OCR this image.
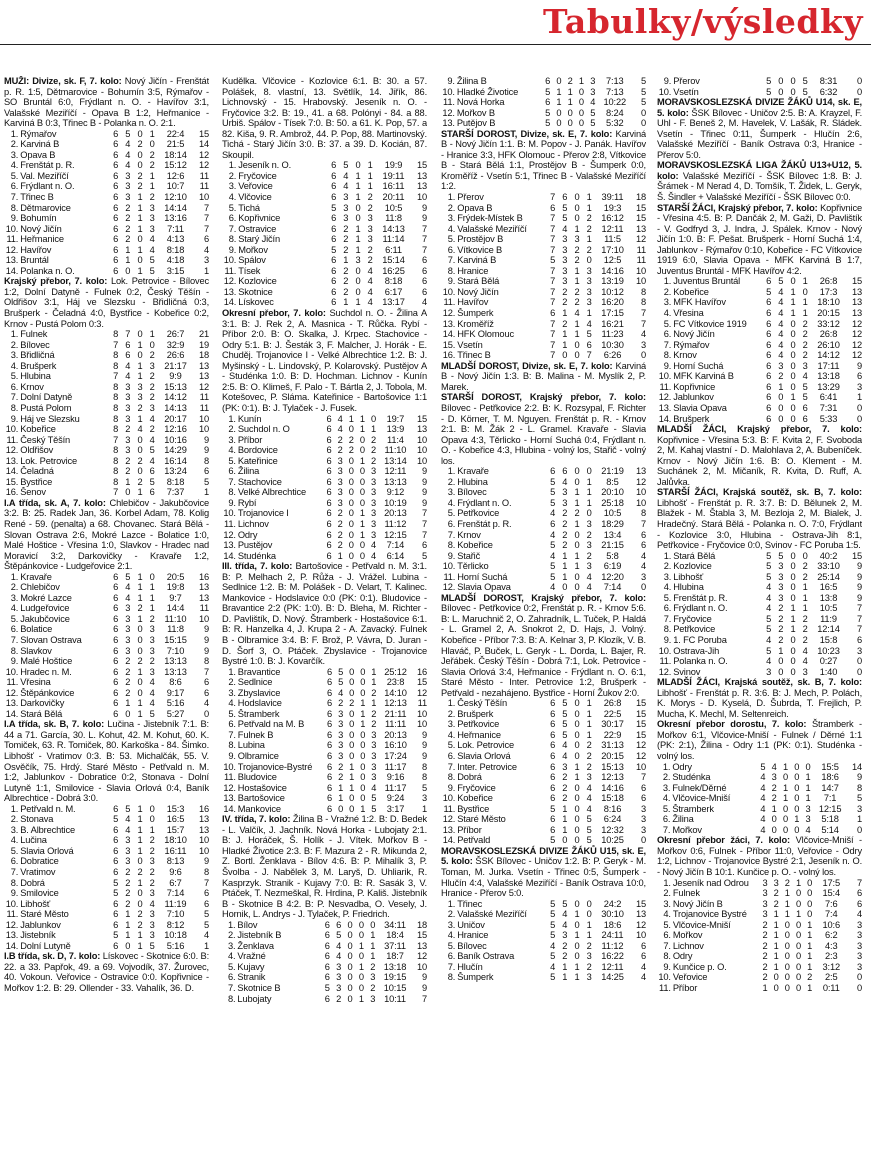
Tabulky/výsledky

MUŽI: Divize, sk. F, 7. kolo: Nový Jičín - Frenštát p. R. 1:5, Dětmarovice - Bohumín 3:5, Rýmařov - SO Bruntál 6:0, Frýdlant n. O. - Havířov 3:1, Valašské Meziříčí - Opava B 1:2, Heřmanice - Karviná B 0:3, Třinec B - Polanka n. O. 2:1.

1.	Rýmařov	6	5	0	1	22:4	15
2.	Karviná B	6	4	2	0	21:5	14
3.	Opava B	6	4	0	2	18:14	12
4.	Frenštát p. R.	6	4	0	2	15:12	12
5.	Val. Meziříčí	6	3	2	1	12:6	11
6.	Frýdlant n. O.	6	3	2	1	10:7	11
7.	Třinec B	6	3	1	2	12:10	10
8.	Dětmarovice	6	2	1	3	14:14	7
9.	Bohumín	6	2	1	3	13:16	7
10.	Nový Jičín	6	2	1	3	7:11	7
11.	Heřmanice	6	2	0	4	4:13	6
12.	Havířov	6	1	1	4	8:18	4
13.	Bruntál	6	1	0	5	4:18	3
14.	Polanka n. O.	6	0	1	5	3:15	1

Krajský přebor, 7. kolo: Lok. Petrovice - Bílovec 1:2, Dolní Datyně - Fulnek 0:2, Český Těšín - Oldřišov 3:1, Háj ve Slezsku - Břidličná 0:3, Brušperk - Čeladná 4:0, Bystřice - Kobeřice 0:2, Krnov - Pustá Polom 0:3.

1.	Fulnek	8	7	0	1	26:7	21
2.	Bílovec	7	6	1	0	32:9	19
3.	Břidličná	8	6	0	2	26:6	18
4.	Brušperk	8	4	1	3	21:17	13
5.	Hlubina	7	4	1	2	9:9	13
6.	Krnov	8	3	3	2	15:13	12
7.	Dolní Datyně	8	3	3	2	14:12	11
8.	Pustá Polom	8	3	2	3	14:13	11
9.	Háj ve Slezsku	8	3	1	4	20:17	10
10.	Kobeřice	8	2	4	2	12:16	10
11.	Český Těšín	7	3	0	4	10:16	9
12.	Oldřišov	8	3	0	5	14:29	9
13.	Lok. Petrovice	8	2	2	4	16:14	8
14.	Čeladná	8	2	0	6	13:24	6
15.	Bystřice	8	1	2	5	8:18	5
16.	Šenov	7	0	1	6	7:37	1

I.A třída, sk. A, 7. kolo: Chlebičov - Jakubčovice 3:2. B: 25. Radek Jan, 36. Korbel Adam, 78. Kolig René - 59. (penalta) a 68. Chovanec. Stará Bělá - Slovan Ostrava 2:6, Mokré Lazce - Bolatice 1:0, Malé Hoštice - Vřesina 1:0, Slavkov - Hradec nad Moravicí 3:2, Darkovičky - Kravaře 1:2, Štěpánkovice - Ludgeřovice 2:1.

1.	Kravaře	6	5	1	0	20:5	16
2.	Chlebičov	6	4	1	1	19:8	13
3.	Mokré Lazce	6	4	1	1	9:7	13
4.	Ludgeřovice	6	3	2	1	14:4	11
5.	Jakubčovice	6	3	1	2	11:10	10
6.	Bolatice	6	3	0	3	11:8	9
7.	Slovan Ostrava	6	3	0	3	15:15	9
8.	Slavkov	6	3	0	3	7:10	9
9.	Malé Hoštice	6	2	2	2	13:13	8
10.	Hradec n. M.	6	2	1	3	13:13	7
11.	Vřesina	6	2	0	4	8:6	6
12.	Štěpánkovice	6	2	0	4	9:17	6
13.	Darkovičky	6	1	1	4	5:16	4
14.	Stará Bělá	6	0	1	5	5:27	0

I.A třída, sk. B, 7. kolo: Lučina - Jistebník 7:1. B: 44 a 71. García, 30. L. Kohut, 42. M. Kohut, 60. K. Tomiček, 63. R. Tomiček, 80. Karkoška - 84. Šimko. Libhošť - Vratimov 0:3. B: 53. Michalčák, 55. V. Osvěčík, 75. Hrdý. Staré Město - Petřvald n. M. 1:2, Jablunkov - Dobratice 0:2, Stonava - Dolní Lutyně 1:1, Smilovice - Slavia Orlová 0:4, Baník Albrechtice - Dobrá 3:0.

1.	Petřvald n. M.	6	5	1	0	15:3	16
2.	Stonava	5	4	1	0	16:5	13
3.	B. Albrechtice	6	4	1	1	15:7	13
4.	Lučina	6	3	1	2	18:10	10
5.	Slavia Orlová	6	3	1	2	16:11	10
6.	Dobratice	6	3	0	3	8:13	9
7.	Vratimov	6	2	2	2	9:6	8
8.	Dobrá	5	2	1	2	6:7	7
9.	Smilovice	5	2	0	3	7:14	6
10.	Libhošť	6	2	0	4	11:19	6
11.	Staré Město	6	1	2	3	7:10	5
12.	Jablunkov	6	1	2	3	8:12	5
13.	Jistebník	5	1	1	3	10:18	4
14.	Dolní Lutyně	6	0	1	5	5:16	1

I.B třída, sk. D, 7. kolo: Lískovec - Skotnice 6:0. B: 22. a 33. Papřok, 49. a 69. Vojvodík, 37. Žurovec, 40. Vokoun. Veřovice - Ostravice 0:0. Kopřivnice - Mořkov 1:2. B: 29. Ollender - 33. Vahalík, 36. D.

Kudělka. Vlčovice - Kozlovice 6:1. B: 30. a 57. Polášek, 8. vlastní, 13. Světlík, 14. Jiřík, 86. Lichnovský - 15. Hrabovský. Jeseník n. O. - Fryčovice 3:2. B: 19., 41. a 68. Polónyi - 84. a 88. Urbiš. Spálov - Tísek 7:0. B: 50. a 61. K. Pop, 57. a 82. Kiša, 9. R. Ambrož, 44. P. Pop, 88. Martinovský. Tichá - Starý Jičín 3:0. B: 37. a 39. D. Kocián, 87. Skoupil.

1.	Jeseník n. O.	6	5	0	1	19:9	15
2.	Fryčovice	6	4	1	1	19:11	13
3.	Veřovice	6	4	1	1	16:11	13
4.	Vlčovice	6	3	1	2	20:11	10
5.	Tichá	5	3	0	2	10:5	9
6.	Kopřivnice	6	3	0	3	11:8	9
7.	Ostravice	6	2	1	3	14:13	7
8.	Starý Jičín	6	2	1	3	11:14	7
9.	Mořkov	5	2	1	2	6:11	7
10.	Spálov	6	1	3	2	15:14	6
11.	Tísek	6	2	0	4	16:25	6
12.	Kozlovice	6	2	0	4	8:18	6
13.	Skotnice	6	2	0	4	6:17	6
14.	Lískovec	6	1	1	4	13:17	4

Okresní přebor, 7. kolo: Suchdol n. O. - Žilina A 3:1. B: J. Rek 2, A. Masnica - T. Růčka. Rybí - Příbor 2:0. B: O. Skalka, J. Krpec. Stachovice - Odry 5:1. B: J. Šesták 3, F. Malcher, J. Horák - E. Chuděj. Trojanovice I - Velké Albrechtice 1:2. B: J. Myšinský - L. Lindovský, P. Kolarovský. Pustějov A - Studénka 1:0. B: D. Hochman. Lichnov - Kunín 2:5. B: O. Klimeš, F. Palo - T. Bártla 2, J. Tobola, M. Kotešovec, P. Sláma. Kateřinice - Bartošovice 1:1 (PK: 0:1). B: J. Tylaček - J. Fusek.

1.	Kunín	6	4	1	1	0	19:7	15
2.	Suchdol n. O	6	4	0	1	1	13:9	13
3.	Příbor	6	2	2	0	2	11:4	10
4.	Bordovice	6	2	2	0	2	11:10	10
5.	Kateřinice	6	3	0	1	2	13:14	10
6.	Žilina	6	3	0	0	3	12:11	9
7.	Stachovice	6	3	0	0	3	13:13	9
8.	Velké Albrechtice	6	3	0	0	3	9:12	9
9.	Rybí	6	3	0	0	3	10:19	9
10.	Trojanovice I	6	2	0	1	3	20:13	7
11.	Lichnov	6	2	0	1	3	11:12	7
12.	Odry	6	2	0	1	3	12:15	7
13.	Pustějov	6	2	0	0	4	7:14	6
14.	Studénka	6	1	0	0	4	6:14	5

III. třída, 7. kolo: Bartošovice - Petřvald n. M. 3:1. B: P. Melhach 2, P. Růža - J. Vrážel. Lubina - Sedlnice 1:2. B: M. Polášek - D. Velart, T. Kalinec. Mankovice - Hodslavice 0:0 (PK: 0:1). Bludovice - Bravantice 2:2 (PK: 1:0). B: D. Bleha, M. Richter - D. Pavlištík, D. Nový. Štramberk - Hostašovice 6:1. B: R. Hanzelka 4, J. Krupa 2 - A. Zavacký. Fulnek B - Olbramice 3:4. B: F. Brož, P. Vávra, D. Juran - D. Šorf 3, O. Ptáček. Zbyslavice - Trojanovice Bystré 1:0. B: J. Kovarčík.

1.	Bravantice	6	5	0	0	1	25:12	16
2.	Sedlnice	6	5	0	0	1	23:8	15
3.	Zbyslavice	6	4	0	0	2	14:10	12
4.	Hodslavice	6	2	2	1	1	12:13	11
5.	Štramberk	6	3	0	1	2	21:11	10
6.	Petřvald na M. B	6	3	0	1	2	11:11	10
7.	Fulnek B	6	3	0	0	3	20:13	9
8.	Lubina	6	3	0	0	3	16:10	9
9.	Olbramice	6	3	0	0	3	17:24	9
10.	Trojanovice-Bystré	6	2	1	0	3	11:17	8
11.	Bludovice	6	2	1	0	3	9:16	8
12.	Hostašovice	6	1	1	0	4	11:17	5
13.	Bartošovice	6	1	0	0	5	9:24	3
14.	Mankovice	6	0	0	1	5	3:17	1

IV. třída, 7. kolo: Žilina B - Vražné 1:2. B: D. Bedek - L. Valčík, J. Jachník. Nová Horka - Lubojaty 2:1. B: J. Horáček, Š. Holík - J. Vítek. Mořkov B - Hladké Životice 2:3. B: F. Mazura 2 - R. Mikunda 2, Z. Bortl. Ženklava - Bílov 4:6. B: P. Mihalík 3, P. Švolba - J. Nabělek 3, M. Laryš, D. Uhliarik, R. Kasprzyk. Stranik - Kujavy 7:0. B: R. Sasák 3, V. Ptáček, T. Nezmeškal, R. Hrdina, P. Kališ. Jistebník B - Skotnice B 4:2. B: P. Nesvadba, O. Vesely, J. Hornik, L. Andrys - J. Tylaček, P. Friedrich.

1.	Bílov	6	6	0	0	0	34:11	18
2.	Jistebník B	6	5	0	0	1	18:4	15
3.	Ženklava	6	4	0	1	1	37:11	13
4.	Vražné	6	4	0	0	1	18:7	12
5.	Kujavy	6	3	0	1	2	13:18	10
6.	Stranik	6	3	0	0	3	19:15	9
7.	Skotnice B	5	3	0	0	2	10:15	9
8.	Lubojaty	6	2	0	1	3	10:11	7
9.	Žilina B	6	0	2	1	3	7:13	5
10.	Hladké Životice	5	1	1	0	3	7:13	5
11.	Nová Horka	6	1	1	0	4	10:22	5
12.	Mořkov B	5	0	0	0	5	8:24	0
13.	Putějov B	5	0	0	0	5	5:32	0

STARŠÍ DOROST, Divize, sk. E, 7. kolo: Karviná B - Nový Jičín 1:1. B: M. Popov - J. Panák. Havířov - Hranice 3:3, HFK Olomouc - Přerov 2:8, Vítkovice B - Stará Bělá 1:1, Prostějov B - Šumperk 0:0, Kroměříž - Vsetín 5:1, Třinec B - Valašské Meziříčí 1:2.

1.	Přerov	7	6	0	1	39:11	18
2.	Opava B	6	5	0	1	19:3	15
3.	Frýdek-Místek B	7	5	0	2	16:12	15
4.	Valašské Meziříčí	7	4	1	2	12:11	13
5.	Prostějov B	7	3	3	1	11:5	12
6.	Vítkovice B	7	3	2	2	17:10	11
7.	Karviná B	5	3	2	0	12:5	11
8.	Hranice	7	3	1	3	14:16	10
9.	Stará Bělá	7	3	1	3	13:19	10
10.	Nový Jičín	7	2	2	3	10:12	8
11.	Havířov	7	2	2	3	16:20	8
12.	Šumperk	6	1	4	1	17:15	7
13.	Kroměříž	7	2	1	4	16:21	7
14.	HFK Olomouc	7	1	1	5	11:23	4
15.	Vsetín	7	1	0	6	10:30	3
16.	Třinec B	7	0	0	7	6:26	0

MLADŠÍ DOROST, Divize, sk. E, 7. kolo: Karviná B - Nový Jičín 1:3. B: B. Malina - M. Myslík 2, P. Marek.

STARŠÍ DOROST, Krajský přebor, 7. kolo: Bílovec - Petřkovice 2:2. B: K. Rozsypal, F. Richter - D. Körner, T. M. Nguyen. Frenštát p. R. - Krnov 2:1. B: M. Žák 2 - L. Gramel. Kravaře - Slavia Opava 4:3, Těrlicko - Horní Suchá 0:4, Frýdlant n. O. - Kobeřice 4:3, Hlubina - volný los, Stařič - volný los.

1.	Kravaře	6	6	0	0	21:19	13
2.	Hlubina	5	4	0	1	8:5	12
3.	Bílovec	5	3	1	1	20:10	10
4.	Frýdlant n. O.	5	3	1	1	25:18	10
5.	Petřkovice	4	2	2	0	10:5	8
6.	Frenštát p. R.	6	2	1	3	18:29	7
7.	Krnov	4	2	0	2	13:4	6
8.	Kobeřice	5	2	0	3	21:15	6
9.	Stařič	4	1	1	2	5:8	4
10.	Těrlicko	5	1	1	3	6:19	4
11.	Horní Suchá	5	1	0	4	12:20	3
12.	Slavia Opava	4	0	0	4	7:14	0

MLADŠÍ DOROST, Krajský přebor, 7. kolo: Bílovec - Petřkovice 0:2, Frenštát p. R. - Krnov 5:6. B: L. Maruchnič 2, O. Zahradník, L. Tuček, P. Haldá - L. Gramel 2, A. Snokrot 2, D. Hajs, J. Volný. Kobeřice - Příbor 7:3. B: A. Kelnar 3, P. Klozík, V. B. Hlaváč, P. Buček, L. Geryk - L. Dorda, L. Bajer, R. Jeřábek. Český Těšín - Dobrá 7:1, Lok. Petrovice - Slavia Orlová 3:4, Heřmanice - Frýdlant n. O. 6:1, Staré Město - Inter. Petrovice 1:2, Brušperk - Petřvald - nezahájeno. Bystřice - Horní Žukov 2:0.

1.	Český Těšín	6	5	0	1	26:8	15
2.	Brušperk	6	5	0	1	22:5	15
3.	Petřkovice	6	5	0	1	30:17	15
4.	Heřmanice	6	5	0	1	22:9	15
5.	Lok. Petrovice	6	4	0	2	31:13	12
6.	Slavia Orlová	6	4	0	2	20:15	12
7.	Inter. Petrovice	6	3	1	2	15:13	10
8.	Dobrá	6	2	1	3	12:13	7
9.	Fryčovice	6	2	0	4	14:16	6
10.	Kobeřice	6	2	0	4	15:18	6
11.	Bystřice	5	1	0	4	8:16	3
12.	Staré Město	6	1	0	5	6:24	3
13.	Příbor	6	1	0	5	12:32	3
14.	Petřvald	5	0	0	5	10:25	0

MORAVSKOSLEZSKÁ DIVIZE ŽÁKŮ U15, sk. E, 5. kolo: ŠSK Bílovec - Uničov 1:2. B: P. Geryk - M. Toman, M. Jurka. Vsetín - Třinec 0:5, Šumperk - Hlučín 4:4, Valašské Meziříčí - Baník Ostrava 10:0, Hranice - Přerov 5:0.

1.	Třinec	5	5	0	0	24:2	15
2.	Valašské Meziříčí	5	4	1	0	30:10	13
3.	Uničov	5	4	0	1	18:6	12
4.	Hranice	5	3	1	1	24:11	10
5.	Bílovec	4	2	0	2	11:12	6
6.	Baník Ostrava	5	2	0	3	16:22	6
7.	Hlučín	4	1	1	2	12:11	4
8.	Šumperk	5	1	1	3	14:25	4
9.	Přerov	5	0	0	5	8:31	0
10.	Vsetín	5	0	0	5	6:32	0

MORAVSKOSLEZSKÁ DIVIZE ŽÁKŮ U14, sk. E, 5. kolo: ŠSK Bílovec - Uničov 2:5. B: A. Krayzel, F. Uhl - F. Beneš 2, M. Havelek, V. Lašák, R. Sládek. Vsetín - Třinec 0:11, Šumperk - Hlučín 2:6, Valašské Meziříčí - Baník Ostrava 0:3, Hranice - Přerov 5:0.

MORAVSKOSLEZSKÁ LIGA ŽÁKŮ U13+U12, 5. kolo: Valašské Meziříčí - ŠSK Bílovec 1:8. B: J. Šrámek - M Nerad 4, D. Tomšík, T. Židek, L. Geryk, Š. Šindler + Valašské Meziříčí - ŠSK Bílovec 0:0.

STARŠÍ ŽÁCI, Krajský přebor, 7. kolo: Kopřivnice - Vřesina 4:5. B: P. Dančák 2, M. Gaži, D. Pavlištík - V. Godfryd 3, J. Indra, J. Spálek. Krnov - Nový Jičín 1:0. B: F. Pešat. Brušperk - Horní Suchá 1:4, Jablunkov - Rýmařov 0:10, Kobeřice - FC Vítkovice 1919 6:0, Slavia Opava - MFK Karviná B 1:7, Juventus Bruntál - MFK Havířov 4:2.

1.	Juventus Bruntál	6	5	0	1	26:8	15
2.	Kobeřice	5	4	1	0	17:3	13
3.	MFK Havířov	6	4	1	1	18:10	13
4.	Vřesina	6	4	1	1	20:15	13
5.	FC Vítkovice 1919	6	4	0	2	33:12	12
6.	Nový Jičín	6	4	0	2	26:8	12
7.	Rýmařov	6	4	0	2	26:10	12
8.	Krnov	6	4	0	2	14:12	12
9.	Horní Suchá	6	3	0	3	17:11	9
10.	MFK Karviná B	6	2	0	4	13:18	6
11.	Kopřivnice	6	1	0	5	13:29	3
12.	Jablunkov	6	0	1	5	6:41	1
13.	Slavia Opava	6	0	0	6	7:31	0
14.	Brušperk	6	0	0	6	5:33	0

MLADŠÍ ŽÁCI, Krajský přebor, 7. kolo: Kopřivnice - Vřesina 5:3. B: F. Kvita 2, F. Svoboda 2, M. Kahaj vlastní - D. Malohlava 2, A. Bubeníček. Krnov - Nový Jičín 1:6. B: O. Klement - M. Suchánek 2, M. Mičaník, R. Kvita, D. Ruff, A. Jalůvka.

STARŠÍ ŽÁCI, Krajská soutěž, sk. B, 7. kolo: Libhošť - Frenštát p. R. 3:7. B: D. Bělunek 2, M. Blažek - M. Štabla 3, M. Bezloja 2, M. Bialek, J. Hradečný. Stará Bělá - Polanka n. O. 7:0, Frýdlant - Kozlovice 3:0, Hlubina - Ostrava-Jih 8:1, Petřkovice - Fryčovice 0:0, Svinov - FC Poruba 1:5.

1.	Stará Bělá	5	5	0	0	40:2	15
2.	Kozlovice	5	3	0	2	33:10	9
3.	Libhošť	5	3	0	2	25:14	9
4.	Hlubina	4	3	0	1	16:5	9
5.	Frenštát p. R.	4	3	0	1	13:8	9
6.	Frýdlant n. O.	4	2	1	1	10:5	7
7.	Fryčovice	5	2	1	2	11:9	7
8.	Petřkovice	5	2	1	2	12:14	7
9.	1. FC Poruba	4	2	0	2	15:8	6
10.	Ostrava-Jih	5	1	0	4	10:23	3
11.	Polanka n. O.	4	0	0	4	0:27	0
12.	Svinov	3	0	0	3	1:40	0

MLADŠÍ ŽÁCI, Krajská soutěž, sk. B, 7. kolo: Libhošť - Frenštát p. R. 3:6. B: J. Mech, P. Polách, K. Morys - D. Kyselá, D. Šubrda, T. Frejlich, P. Mucha, K. Mechl, M. Seltenreich.

Okresní přebor dorostu, 7. kolo: Štramberk - Mořkov 6:1, Vlčovice-Mniší - Fulnek / Děrné 1:1 (PK: 2:1), Žilina - Odry 1:1 (PK: 0:1). Studénka - volný los.

1.	Odry	5	4	1	0	0	15:5	14
2.	Studénka	4	3	0	0	1	18:6	9
3.	Fulnek/Děrné	4	2	1	0	1	14:7	8
4.	Vlčovice-Mniší	4	2	1	0	1	7:1	5
5.	Štramberk	4	1	0	0	3	12:15	3
6.	Žilina	4	0	0	1	3	5:18	1
7.	Mořkov	4	0	0	0	4	5:14	0

Okresní přebor žáci, 7. kolo: Vlčovice-Mniší - Mořkov 0:6, Fulnek - Příbor 11:0, Veřovice - Odry 1:2, Lichnov - Trojanovice Bystré 2:1, Jeseník n. O. - Nový Jičín B 10:1. Kunčice p. O. - volný los.

1.	Jeseník nad Odrou	3	3	2	1	0	17:5	7
2.	Fulnek	3	2	1	0	0	15:4	6
3.	Nový Jičín B	3	2	1	0	0	7:6	6
4.	Trojanovice Bystré	3	1	1	1	0	7:4	4
5.	Vlčovice-Mniší	2	1	0	0	1	10:6	3
6.	Mořkov	2	1	0	0	1	6:2	3
7.	Lichnov	2	1	0	0	1	4:3	3
8.	Odry	2	1	0	0	1	2:3	3
9.	Kunčice p. O.	2	1	0	0	1	3:12	3
10.	Veřovice	2	0	0	0	2	2:5	0
11.	Příbor	1	0	0	0	1	0:11	0
